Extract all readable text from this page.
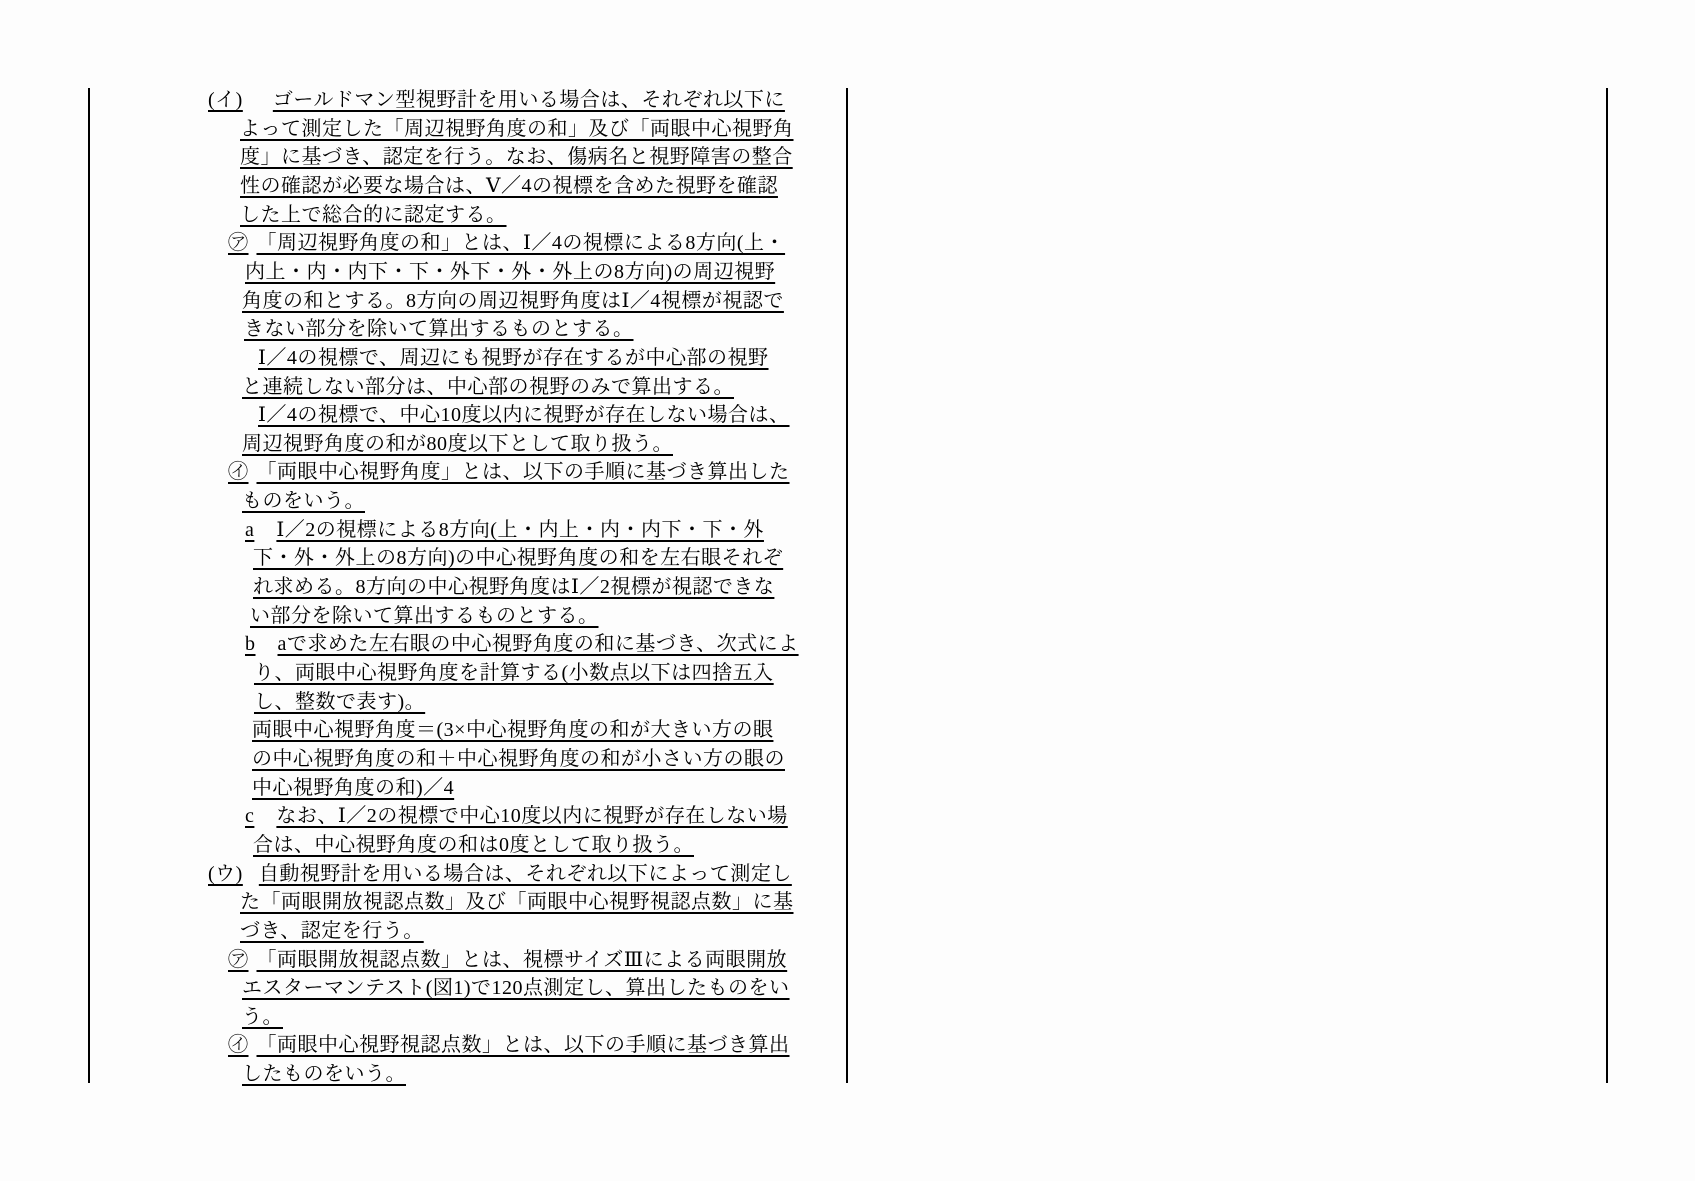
(イ) ゴールドマン型視野計を用いる場合は、それぞれ以下に
よって測定した「周辺視野角度の和」及び「両眼中心視野角
度」に基づき、認定を行う。なお、傷病名と視野障害の整合
性の確認が必要な場合は、Ⅴ／4の視標を含めた視野を確認
した上で総合的に認定する。
㋐ 「周辺視野角度の和」とは、Ⅰ／4の視標による8方向(上・
内上・内・内下・下・外下・外・外上の8方向)の周辺視野
角度の和とする。8方向の周辺視野角度はⅠ／4視標が視認で
きない部分を除いて算出するものとする。
Ⅰ／4の視標で、周辺にも視野が存在するが中心部の視野
と連続しない部分は、中心部の視野のみで算出する。
Ⅰ／4の視標で、中心10度以内に視野が存在しない場合は、
周辺視野角度の和が80度以下として取り扱う。
㋑ 「両眼中心視野角度」とは、以下の手順に基づき算出した
ものをいう。
a Ⅰ／2の視標による8方向(上・内上・内・内下・下・外
下・外・外上の8方向)の中心視野角度の和を左右眼それぞ
れ求める。8方向の中心視野角度はⅠ／2視標が視認できな
い部分を除いて算出するものとする。
b aで求めた左右眼の中心視野角度の和に基づき、次式によ
り、両眼中心視野角度を計算する(小数点以下は四捨五入
し、整数で表す)。
両眼中心視野角度＝(3×中心視野角度の和が大きい方の眼
の中心視野角度の和＋中心視野角度の和が小さい方の眼の
中心視野角度の和)／4
c なお、Ⅰ／2の視標で中心10度以内に視野が存在しない場
合は、中心視野角度の和は0度として取り扱う。
(ウ) 自動視野計を用いる場合は、それぞれ以下によって測定し
た「両眼開放視認点数」及び「両眼中心視野視認点数」に基
づき、認定を行う。
㋐ 「両眼開放視認点数」とは、視標サイズⅢによる両眼開放
エスターマンテスト(図1)で120点測定し、算出したものをい
う。
㋑ 「両眼中心視野視認点数」とは、以下の手順に基づき算出
したものをいう。
